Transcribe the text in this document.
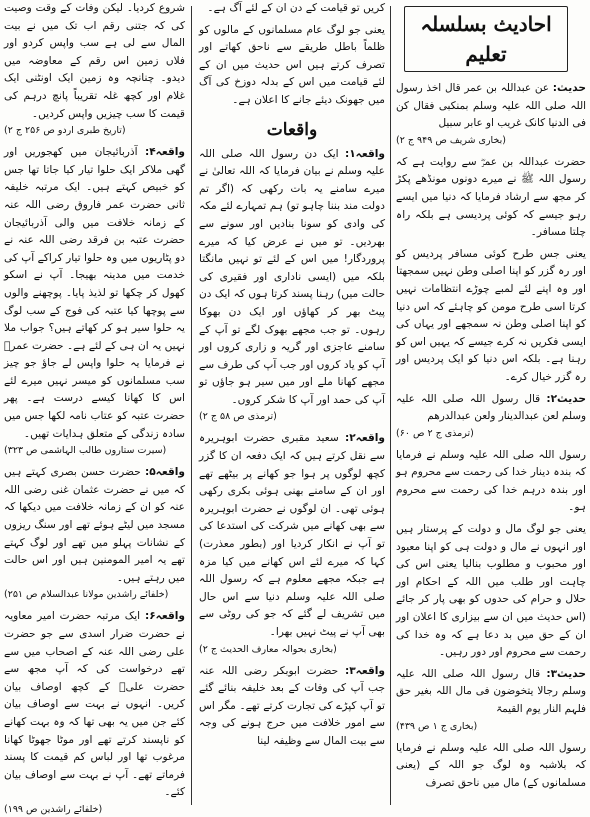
احادیث بسلسلہ تعلیم

حدیث: عن عبداللہ بن عمر قال اخذ رسول اللہ صلی اللہ علیہ وسلم بمنکبی فقال کن فی الدنیا کانک غریب او عابر سبیل
(بخاری شریف ص ۹۴۹ ج ۲)

حضرت عبداللہ بن عمرؓ سے روایت ہے کہ رسول اللہ ﷺ نے میرے دونوں مونڈھے پکڑ کر مجھ سے ارشاد فرمایا کہ دنیا میں ایسے رہو جیسے کہ کوئی پردیسی ہے بلکہ راہ چلتا مسافر۔

یعنی جس طرح کوئی مسافر پردیس کو اور رہ گزر کو اپنا اصلی وطن نہیں سمجھتا اور وہ اپنے لئے لمبے چوڑے انتظامات نہیں کرتا اسی طرح مومن کو چاہئے کہ اس دنیا کو اپنا اصلی وطن نہ سمجھے اور یہاں کی ایسی فکریں نہ کرے جیسے کہ یہیں اس کو رہنا ہے۔ بلکہ اس دنیا کو ایک پردیس اور رہ گزر خیال کرے۔

حدیث۲: قال رسول اللہ صلی اللہ علیہ وسلم لعن عبدالدینار ولعن عبدالدرھم
(ترمذی ج ۲ ص ۶۰)

رسول اللہ صلی اللہ علیہ وسلم نے فرمایا کہ بندہ دینار خدا کی رحمت سے محروم ہو اور بندہ درہم خدا کی رحمت سے محروم ہو۔

یعنی جو لوگ مال و دولت کے پرستار ہیں اور انہوں نے مال و دولت ہی کو اپنا معبود اور محبوب و مطلوب بنالیا یعنی اس کی چاہت اور طلب میں اللہ کے احکام اور حلال و حرام کی حدوں کو بھی پار کر جائے (اس حدیث میں ان سے بیزاری کا اعلان اور ان کے حق میں بد دعا ہے کہ وہ خدا کی رحمت سے محروم اور دور رہیں۔

حدیث۳: قال رسول اللہ صلی اللہ علیہ وسلم رجالا یتخوضون فی مال اللہ بغیر حق فلہم النار یوم القیمۃ
(بخاری ج ۱ ص ۴۳۹)

رسول اللہ صلی اللہ علیہ وسلم نے فرمایا کہ بلاشبہ وہ لوگ جو اللہ کے (یعنی مسلمانوں کے) مال میں ناحق تصرف

کریں تو قیامت کے دن ان کے لئے آگ ہے۔

یعنی جو لوگ عام مسلمانوں کے مالوں کو ظلماً باطل طریقے سے ناحق کھاتے اور تصرف کرتے ہیں اس حدیث میں ان کے لئے قیامت میں اس کے بدلہ دوزخ کی آگ میں جھونک دیئے جانے کا اعلان ہے۔

واقعات

واقعہ۱: ایک دن رسول اللہ صلی اللہ علیہ وسلم نے بیان فرمایا کہ اللہ تعالیٰ نے میرے سامنے یہ بات رکھی کہ (اگر تم دولت مند بننا چاہو تو) ہم تمہارے لئے مکہ کی وادی کو سونا بنادیں اور سونے سے بھردیں۔ تو میں نے عرض کیا کہ میرے پروردگار! میں اس کے لئے تو نہیں مانگتا بلکہ میں (ایسی ناداری اور فقیری کی حالت میں) رہنا پسند کرتا ہوں کہ ایک دن پیٹ بھر کر کھاؤں اور ایک دن بھوکا رہوں۔ تو جب مجھے بھوک لگے تو آپ کے سامنے عاجزی اور گریہ و زاری کروں اور آپ کو یاد کروں اور جب آپ کی طرف سے مجھے کھانا ملے اور میں سیر ہو جاؤں تو آپ کی حمد اور آپ کا شکر کروں۔
(ترمذی ص ۵۸ ج ۲)

واقعہ۲: سعید مقبری حضرت ابوہریرہ سے نقل کرتے ہیں کہ ایک دفعہ ان کا گزر کچھ لوگوں پر ہوا جو کھانے پر بیٹھے تھے اور ان کے سامنے بھنی ہوئی بکری رکھی ہوئی تھی۔ ان لوگوں نے حضرت ابوہریرہ سے بھی کھانے میں شرکت کی استدعا کی تو آپ نے انکار کردیا اور (بطور معذرت) کہا کہ میرے لئے اس کھانے میں کیا مزہ ہے جبکہ مجھے معلوم ہے کہ رسول اللہ صلی اللہ علیہ وسلم دنیا سے اس حال میں تشریف لے گئے کہ جو کی روٹی سے بھی آپ نے پیٹ نہیں بھرا۔
(بخاری بحوالہ معارف الحدیث ج ۲)

واقعہ۳: حضرت ابوبکر رضی اللہ عنہ جب آپ کی وفات کے بعد خلیفہ بنائے گئے تو آپ کپڑے کی تجارت کرتے تھے۔ مگر اس سے امور خلافت میں حرج ہونے کی وجہ سے بیت المال سے وظیفہ لینا

شروع کردیا۔ لیکن وفات کے وقت وصیت کی کہ جتنی رقم اب تک میں نے بیت المال سے لی ہے سب واپس کردو اور فلاں زمین اس رقم کے معاوضہ میں دیدو۔ چنانچہ وہ زمین ایک اونٹنی ایک غلام اور کچھ غلہ تقریباً پانچ درہم کی قیمت کا سب چیزیں واپس کردیں۔
(تاریخ طبری اردو ص ۲۵۶ ج ۲)

واقعہ۴: آذربائیجان میں کھجوریں اور گھی ملاکر ایک حلوا تیار کیا جاتا تھا جس کو خبیص کہتے ہیں۔ ایک مرتبہ خلیفہ ثانی حضرت عمر فاروق رضی اللہ عنہ کے زمانہ خلافت میں والی آذربائیجان حضرت عتبہ بن فرقد رضی اللہ عنہ نے دو پٹاریوں میں وہ حلوا تیار کراکے آپ کی خدمت میں مدینہ بھیجا۔ آپ نے اسکو کھول کر چکھا تو لذیذ پایا۔ پوچھنے والوں سے پوچھا کیا عتبہ کی فوج کے سب لوگ یہ حلوا سیر ہو کر کھاتے ہیں؟ جواب ملا نہیں یہ ان ہی کے لئے ہے۔ حضرت عمرؓ نے فرمایا یہ حلوا واپس لے جاؤ جو چیز سب مسلمانوں کو میسر نہیں میرے لئے اس کا کھانا کیسے درست ہے۔ پھر حضرت عتبہ کو عتاب نامہ لکھا جس میں سادہ زندگی کے متعلق ہدایات تھیں۔
(سیرت ستاروں طالب الہاشمی ص ۳۲۳)

واقعہ۵: حضرت حسن بصری کہتے ہیں کہ میں نے حضرت عثمان غنی رضی اللہ عنہ کو ان کے زمانہ خلافت میں دیکھا کہ مسجد میں لیٹے ہوئے تھے اور سنگ ریزوں کے نشانات پہلو میں تھے اور لوگ کہتے تھے یہ امیر المومنین ہیں اور اس حالت میں رہتے ہیں۔
(خلفائے راشدین مولانا عبدالسلام ص ۲۵۱)

واقعہ۶: ایک مرتبہ حضرت امیر معاویہ نے حضرت ضرار اسدی سے جو حضرت علی رضی اللہ عنہ کے اصحاب میں سے تھے درخواست کی کہ آپ مجھ سے حضرت علیؓ کے کچھ اوصاف بیان کریں۔ انہوں نے بہت سے اوصاف بیان کئے جن میں یہ بھی تھا کہ وہ بہت کھانے کو ناپسند کرتے تھے اور موٹا جھوٹا کھانا مرغوب تھا اور لباس کم قیمت کا پسند فرماتے تھے۔ آپ نے بہت سے اوصاف بیان کئے۔
(خلفائے راشدین ص ۱۹۹)
